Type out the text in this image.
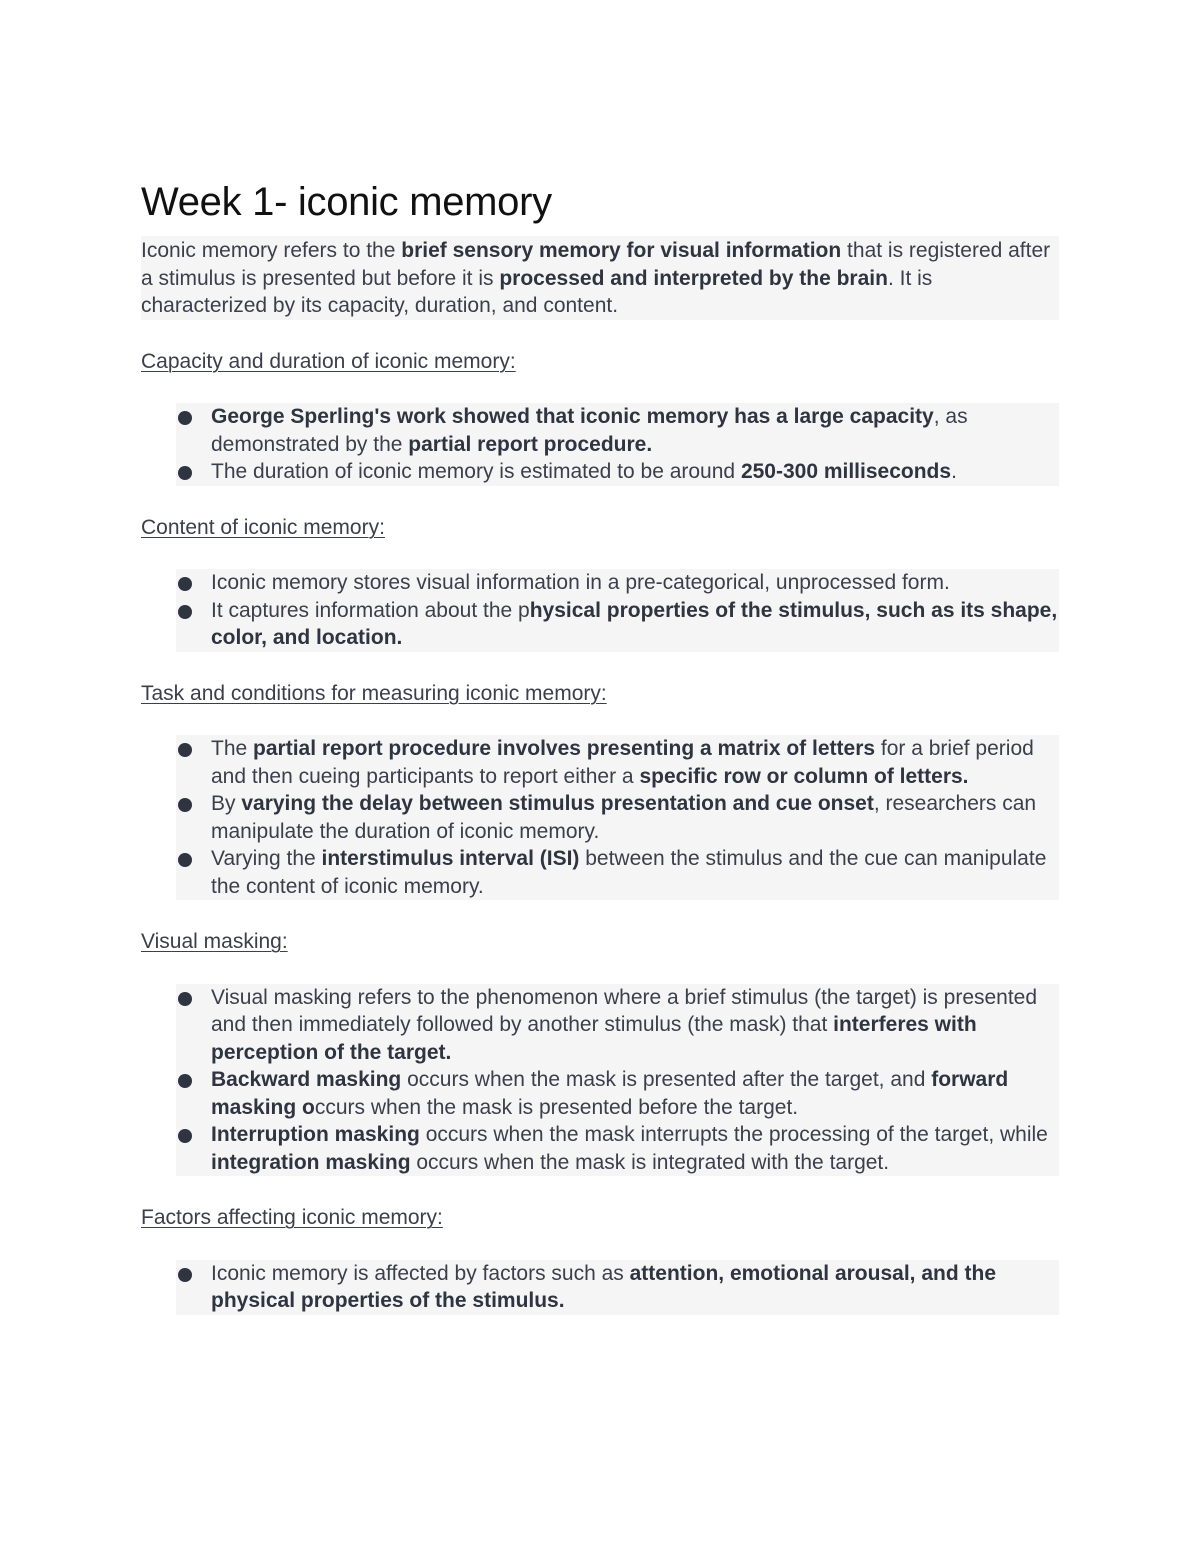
Week 1- iconic memory

Iconic memory refers to the brief sensory memory for visual information that is registered after a stimulus is presented but before it is processed and interpreted by the brain. It is characterized by its capacity, duration, and content.

Capacity and duration of iconic memory:
George Sperling's work showed that iconic memory has a large capacity, as demonstrated by the partial report procedure.
The duration of iconic memory is estimated to be around 250-300 milliseconds.
Content of iconic memory:
Iconic memory stores visual information in a pre-categorical, unprocessed form.
It captures information about the physical properties of the stimulus, such as its shape, color, and location.
Task and conditions for measuring iconic memory:
The partial report procedure involves presenting a matrix of letters for a brief period and then cueing participants to report either a specific row or column of letters.
By varying the delay between stimulus presentation and cue onset, researchers can manipulate the duration of iconic memory.
Varying the interstimulus interval (ISI) between the stimulus and the cue can manipulate the content of iconic memory.
Visual masking:
Visual masking refers to the phenomenon where a brief stimulus (the target) is presented and then immediately followed by another stimulus (the mask) that interferes with perception of the target.
Backward masking occurs when the mask is presented after the target, and forward masking occurs when the mask is presented before the target.
Interruption masking occurs when the mask interrupts the processing of the target, while integration masking occurs when the mask is integrated with the target.
Factors affecting iconic memory:
Iconic memory is affected by factors such as attention, emotional arousal, and the physical properties of the stimulus.
